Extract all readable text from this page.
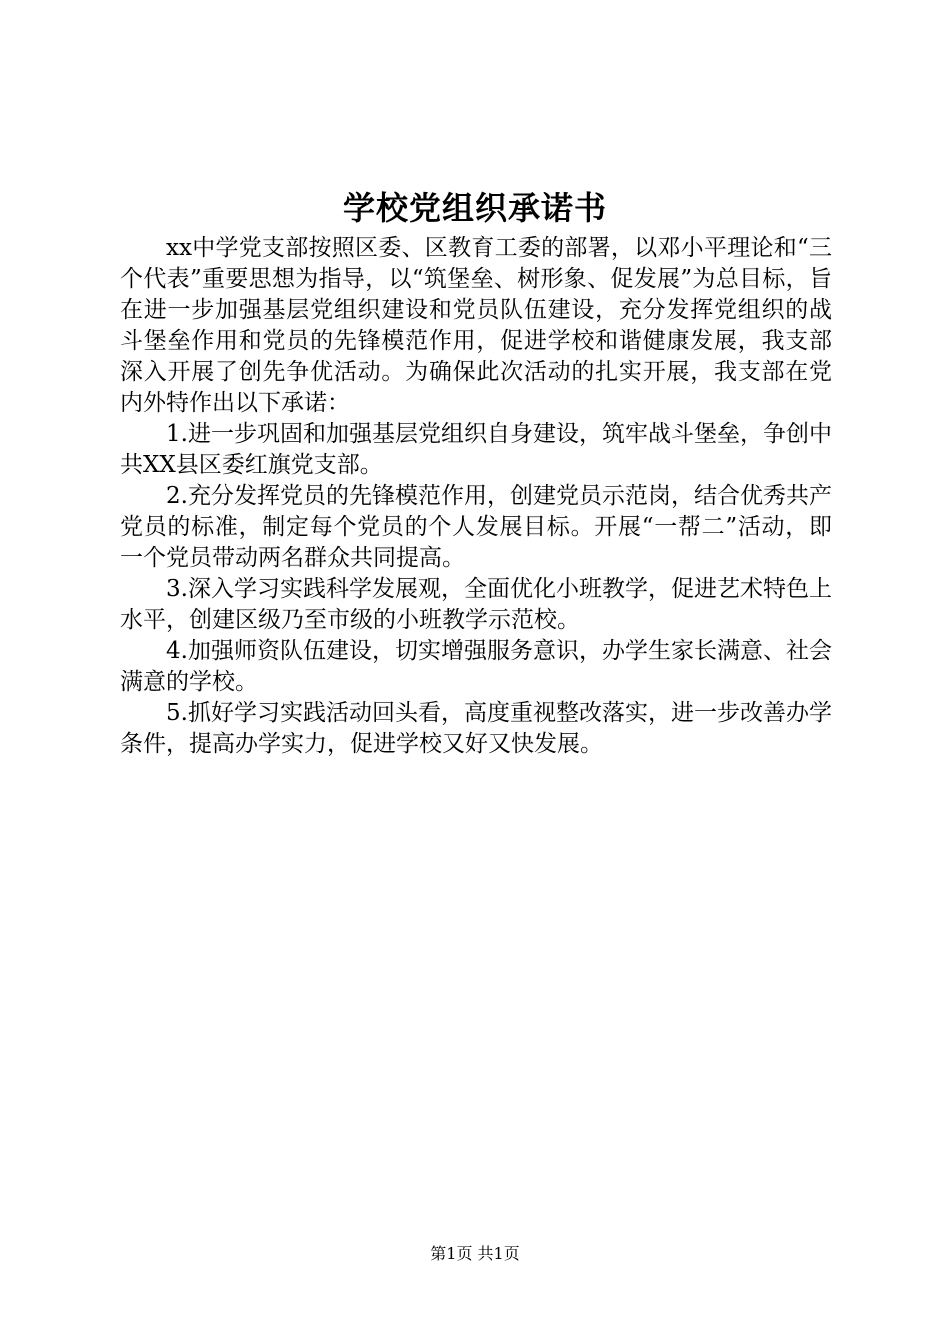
学校党组织承诺书

xx中学党支部按照区委、区教育工委的部署，以邓小平理论和“三个代表”重要思想为指导，以“筑堡垒、树形象、促发展”为总目标，旨在进一步加强基层党组织建设和党员队伍建设，充分发挥党组织的战斗堡垒作用和党员的先锋模范作用，促进学校和谐健康发展，我支部深入开展了创先争优活动。为确保此次活动的扎实开展，我支部在党内外特作出以下承诺：

1.进一步巩固和加强基层党组织自身建设，筑牢战斗堡垒，争创中共XX县区委红旗党支部。

2.充分发挥党员的先锋模范作用，创建党员示范岗，结合优秀共产党员的标准，制定每个党员的个人发展目标。开展“一帮二”活动，即一个党员带动两名群众共同提高。

3.深入学习实践科学发展观，全面优化小班教学，促进艺术特色上水平，创建区级乃至市级的小班教学示范校。

4.加强师资队伍建设，切实增强服务意识，办学生家长满意、社会满意的学校。

5.抓好学习实践活动回头看，高度重视整改落实，进一步改善办学条件，提高办学实力，促进学校又好又快发展。

第1页 共1页
